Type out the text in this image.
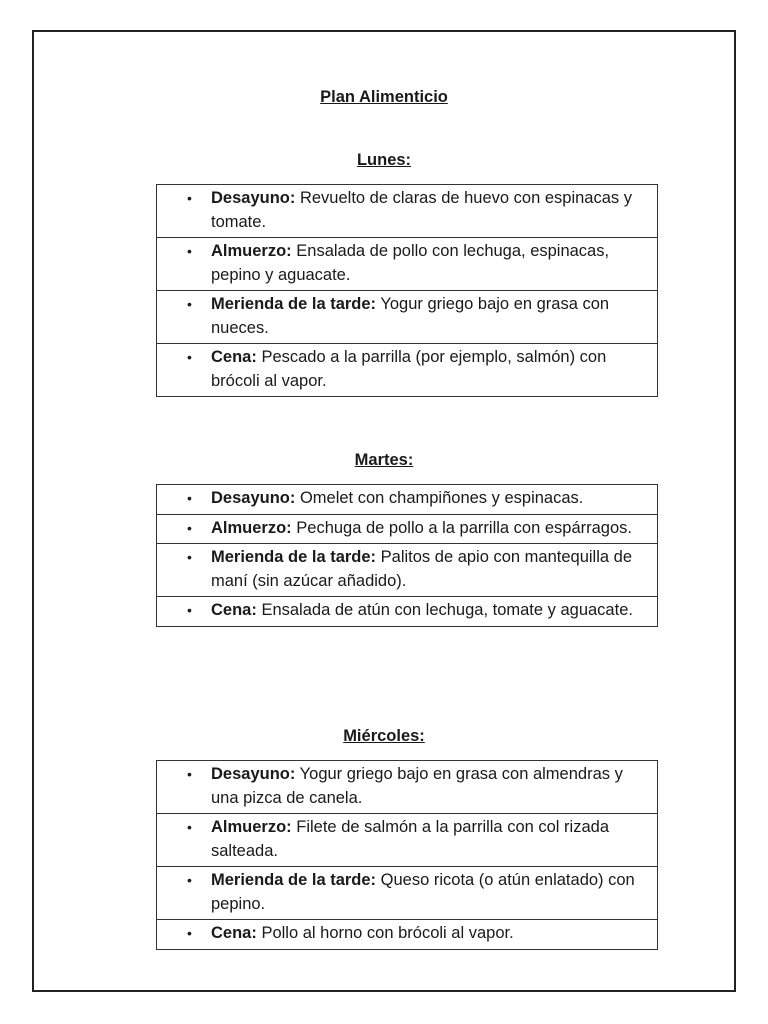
Plan Alimenticio
Lunes:
• Desayuno: Revuelto de claras de huevo con espinacas y tomate.
• Almuerzo: Ensalada de pollo con lechuga, espinacas, pepino y aguacate.
• Merienda de la tarde: Yogur griego bajo en grasa con nueces.
• Cena: Pescado a la parrilla (por ejemplo, salmón) con brócoli al vapor.
Martes:
• Desayuno: Omelet con champiñones y espinacas.
• Almuerzo: Pechuga de pollo a la parrilla con espárragos.
• Merienda de la tarde: Palitos de apio con mantequilla de maní (sin azúcar añadido).
• Cena: Ensalada de atún con lechuga, tomate y aguacate.
Miércoles:
• Desayuno: Yogur griego bajo en grasa con almendras y una pizca de canela.
• Almuerzo: Filete de salmón a la parrilla con col rizada salteada.
• Merienda de la tarde: Queso ricota (o atún enlatado) con pepino.
• Cena: Pollo al horno con brócoli al vapor.
